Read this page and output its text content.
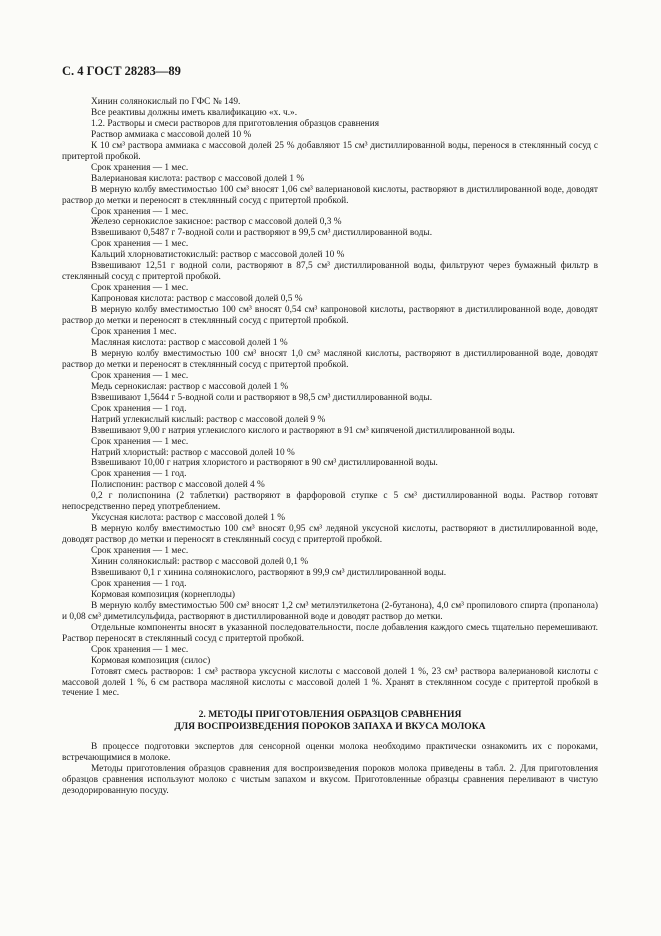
С. 4 ГОСТ 28283—89

Хинин солянокислый по ГФС № 149.

Все реактивы должны иметь квалификацию «х. ч.».

1.2. Растворы и смеси растворов для приготовления образцов сравнения

Раствор аммиака с массовой долей 10 %

К 10 см³ раствора аммиака с массовой долей 25 % добавляют 15 см³ дистиллированной воды, перенося в стеклянный сосуд с притертой пробкой.

Срок хранения — 1 мес.

Валериановая кислота: раствор с массовой долей 1 %

В мерную колбу вместимостью 100 см³ вносят 1,06 см³ валериановой кислоты, растворяют в дистиллированной воде, доводят раствор до метки и переносят в стеклянный сосуд с притертой пробкой.

Срок хранения — 1 мес.

Железо сернокислое закисное: раствор с массовой долей 0,3 %

Взвешивают 0,5487 г 7-водной соли и растворяют в 99,5 см³ дистиллированной воды.

Срок хранения — 1 мес.

Кальций хлорноватистокислый: раствор с массовой долей 10 %

Взвешивают 12,51 г водной соли, растворяют в 87,5 см³ дистиллированной воды, фильтруют через бумажный фильтр в стеклянный сосуд с притертой пробкой.

Срок хранения — 1 мес.

Капроновая кислота: раствор с массовой долей 0,5 %

В мерную колбу вместимостью 100 см³ вносят 0,54 см³ капроновой кислоты, растворяют в дистиллированной воде, доводят раствор до метки и переносят в стеклянный сосуд с притертой пробкой.

Срок хранения 1 мес.

Масляная кислота: раствор с массовой долей 1 %

В мерную колбу вместимостью 100 см³ вносят 1,0 см³ масляной кислоты, растворяют в дистиллированной воде, доводят раствор до метки и переносят в стеклянный сосуд с притертой пробкой.

Срок хранения — 1 мес.

Медь сернокислая: раствор с массовой долей 1 %

Взвешивают 1,5644 г 5-водной соли и растворяют в 98,5 см³ дистиллированной воды.

Срок хранения — 1 год.

Натрий углекислый кислый: раствор с массовой долей 9 %

Взвешивают 9,00 г натрия углекислого кислого и растворяют в 91 см³ кипяченой дистиллированной воды.

Срок хранения — 1 мес.

Натрий хлористый: раствор с массовой долей 10 %

Взвешивают 10,00 г натрия хлористого и растворяют в 90 см³ дистиллированной воды.

Срок хранения — 1 год.

Полиспонин: раствор с массовой долей 4 %

0,2 г полиспонина (2 таблетки) растворяют в фарфоровой ступке с 5 см³ дистиллированной воды. Раствор готовят непосредственно перед употреблением.

Уксусная кислота: раствор с массовой долей 1 %

В мерную колбу вместимостью 100 см³ вносят 0,95 см³ ледяной уксусной кислоты, растворяют в дистиллированной воде, доводят раствор до метки и переносят в стеклянный сосуд с притертой пробкой.

Срок хранения — 1 мес.

Хинин солянокислый: раствор с массовой долей 0,1 %

Взвешивают 0,1 г хинина солянокислого, растворяют в 99,9 см³ дистиллированной воды.

Срок хранения — 1 год.

Кормовая композиция (корнеплоды)

В мерную колбу вместимостью 500 см³ вносят 1,2 см³ метилэтилкетона (2-бутанона), 4,0 см³ пропилового спирта (пропанола) и 0,08 см³ диметилсульфида, растворяют в дистиллированной воде и доводят раствор до метки.

Отдельные компоненты вносят в указанной последовательности, после добавления каждого смесь тщательно перемешивают. Раствор переносят в стеклянный сосуд с притертой пробкой.

Срок хранения — 1 мес.

Кормовая композиция (силос)

Готовят смесь растворов: 1 см³ раствора уксусной кислоты с массовой долей 1 %, 23 см³ раствора валериановой кислоты с массовой долей 1 %, 6 см раствора масляной кислоты с массовой долей 1 %. Хранят в стеклянном сосуде с притертой пробкой в течение 1 мес.

2. МЕТОДЫ ПРИГОТОВЛЕНИЯ ОБРАЗЦОВ СРАВНЕНИЯ

ДЛЯ ВОСПРОИЗВЕДЕНИЯ ПОРОКОВ ЗАПАХА И ВКУСА МОЛОКА

В процессе подготовки экспертов для сенсорной оценки молока необходимо практически ознакомить их с пороками, встречающимися в молоке.

Методы приготовления образцов сравнения для воспроизведения пороков молока приведены в табл. 2. Для приготовления образцов сравнения используют молоко с чистым запахом и вкусом. Приготовленные образцы сравнения переливают в чистую дезодорированную посуду.
